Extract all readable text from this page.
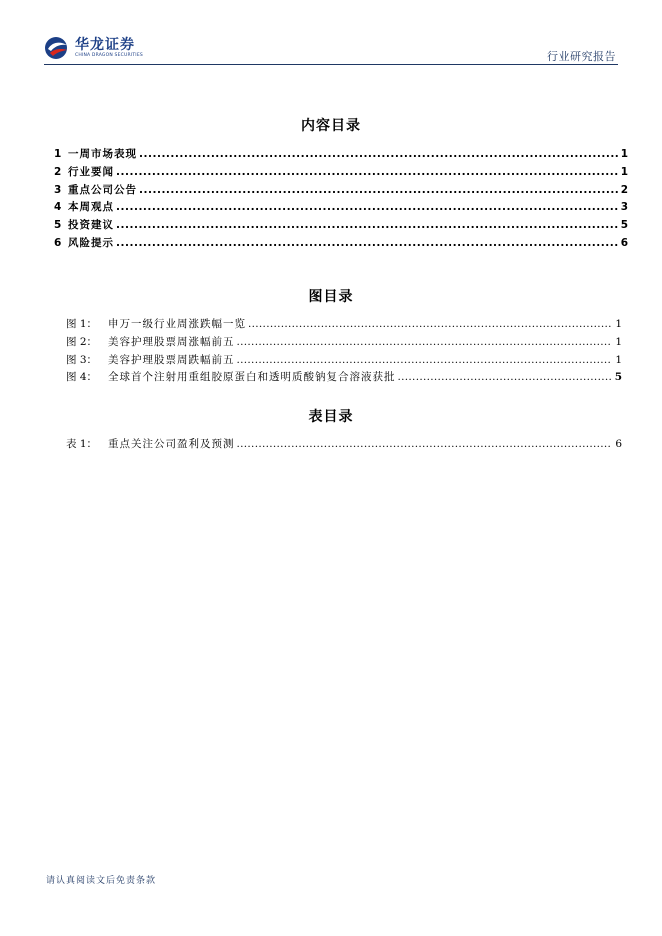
华龙证券
CHINA DRAGON SECURITIES	行业研究报告
内容目录
1 一周市场表现 .....	1
2 行业要闻 .....	1
3 重点公司公告 .....	2
4 本周观点 .....	3
5 投资建议 .....	5
6 风险提示 .....	6
图目录
图 1：	申万一级行业周涨跌幅一览 .....	1
图 2：	美容护理股票周涨幅前五 .....	1
图 3：	美容护理股票周跌幅前五 .....	1
图 4：	全球首个注射用重组胶原蛋白和透明质酸钠复合溶液获批 .....	5
表目录
表 1：	重点关注公司盈利及预测 .....	6
请认真阅读文后免责条款
